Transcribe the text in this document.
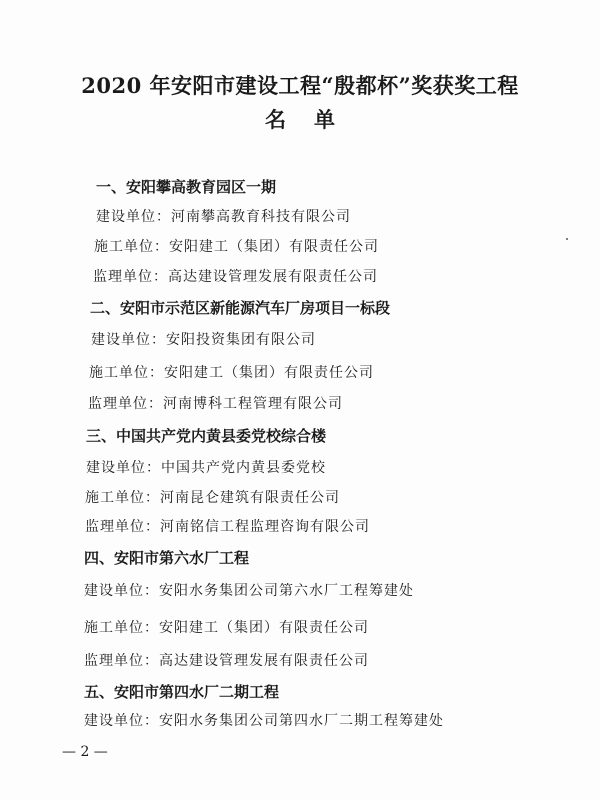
2020 年安阳市建设工程“殷都杯”奖获奖工程
名单
一、安阳攀高教育园区一期
建设单位：河南攀高教育科技有限公司
施工单位：安阳建工（集团）有限责任公司
监理单位：高达建设管理发展有限责任公司
二、安阳市示范区新能源汽车厂房项目一标段
建设单位：安阳投资集团有限公司
施工单位：安阳建工（集团）有限责任公司
监理单位：河南博科工程管理有限公司
三、中国共产党内黄县委党校综合楼
建设单位：中国共产党内黄县委党校
施工单位：河南昆仑建筑有限责任公司
监理单位：河南铭信工程监理咨询有限公司
四、安阳市第六水厂工程
建设单位：安阳水务集团公司第六水厂工程筹建处
施工单位：安阳建工（集团）有限责任公司
监理单位：高达建设管理发展有限责任公司
五、安阳市第四水厂二期工程
建设单位：安阳水务集团公司第四水厂二期工程筹建处
— 2 —
